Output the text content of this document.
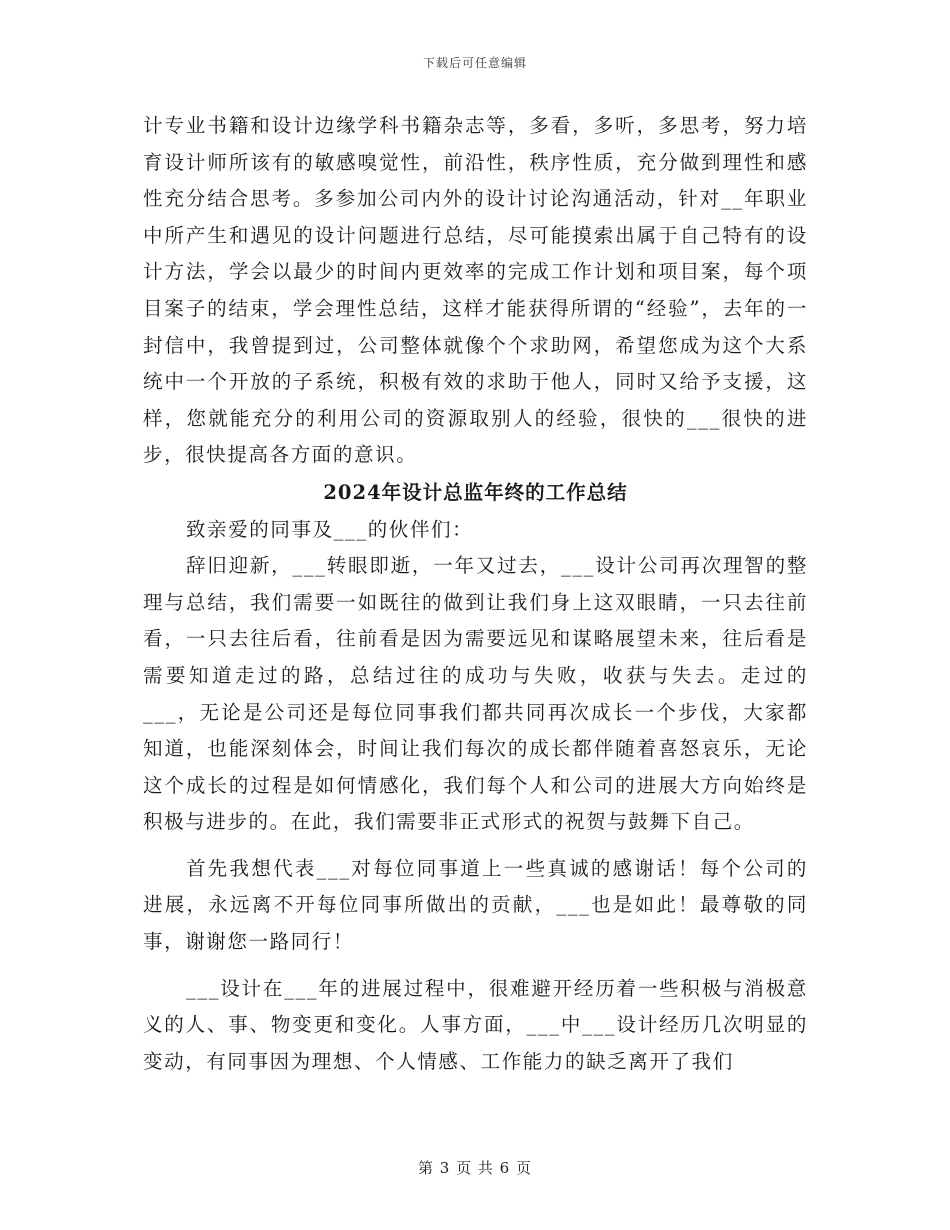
下载后可任意编辑

计专业书籍和设计边缘学科书籍杂志等，多看，多听，多思考，努力培育设计师所该有的敏感嗅觉性，前沿性，秩序性质，充分做到理性和感性充分结合思考。多参加公司内外的设计讨论沟通活动，针对__年职业中所产生和遇见的设计问题进行总结，尽可能摸索出属于自己特有的设计方法，学会以最少的时间内更效率的完成工作计划和项目案，每个项目案子的结束，学会理性总结，这样才能获得所谓的“经验”，去年的一封信中，我曾提到过，公司整体就像个个求助网，希望您成为这个大系统中一个开放的子系统，积极有效的求助于他人，同时又给予支援，这样，您就能充分的利用公司的资源取别人的经验，很快的___很快的进步，很快提高各方面的意识。

2024年设计总监年终的工作总结

致亲爱的同事及___的伙伴们：

辞旧迎新，___转眼即逝，一年又过去，___设计公司再次理智的整理与总结，我们需要一如既往的做到让我们身上这双眼睛，一只去往前看，一只去往后看，往前看是因为需要远见和谋略展望未来，往后看是需要知道走过的路，总结过往的成功与失败，收获与失去。走过的___，无论是公司还是每位同事我们都共同再次成长一个步伐，大家都知道，也能深刻体会，时间让我们每次的成长都伴随着喜怒哀乐，无论这个成长的过程是如何情感化，我们每个人和公司的进展大方向始终是积极与进步的。在此，我们需要非正式形式的祝贺与鼓舞下自己。

首先我想代表___对每位同事道上一些真诚的感谢话！每个公司的进展，永远离不开每位同事所做出的贡献，___也是如此！最尊敬的同事，谢谢您一路同行！

___设计在___年的进展过程中，很难避开经历着一些积极与消极意义的人、事、物变更和变化。人事方面，___中___设计经历几次明显的变动，有同事因为理想、个人情感、工作能力的缺乏离开了我们

第 3 页 共 6 页
